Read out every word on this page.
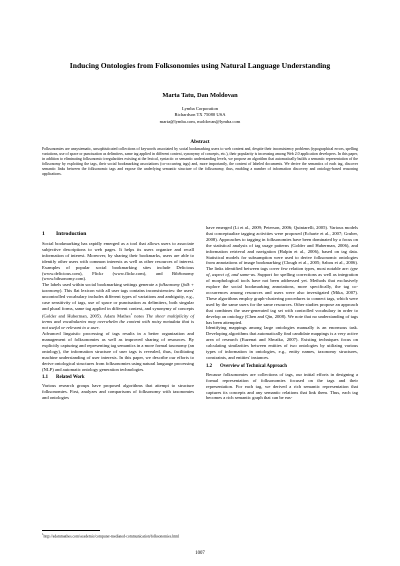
Inducing Ontologies from Folksonomies using Natural Language Understanding
Marta Tatu, Dan Moldovan
Lymba Corporation
Richardson TX 75080 USA
marta@lymba.com, moldovan@lymba.com
Abstract
Folksonomies are unsystematic, unsophisticated collections of keywords associated by social bookmarking users to web content and, despite their inconsistency problems (typographical errors, spelling variations, use of space or punctuation as delimiters, same tag applied in different context, synonymy of concepts, etc.), their popularity is increasing among Web 2.0 application developers. In this paper, in addition to eliminating folksonomic irregularities existing at the lexical, syntactic or semantic understanding levels, we propose an algorithm that automatically builds a semantic representation of the folksonomy by exploiting the tags, their social bookmarking associations (co-occurring tags) and, more importantly, the content of labeled documents. We derive the semantics of each tag, discover semantic links between the folksonomic tags and expose the underlying semantic structure of the folksonomy, thus, enabling a number of information discovery and ontology-based reasoning applications.
1 Introduction

Social bookmarking has rapidly emerged as a tool that allows users to associate subjective descriptions to web pages. It helps its users organize and recall information of interest. Moreover, by sharing their bookmarks, users are able to identify other users with common interests as well as other resources of interest. Examples of popular social bookmarking sites include Delicious (www.delicious.com), Flickr (www.flickr.com), and BibSonomy (www.bibsonomy.com).

The labels used within social bookmarking settings generate a folksonomy (folk + taxonomy). This flat lexicon with all user tags contains inconsistencies: the users' uncontrolled vocabulary includes different types of variations and ambiguity, e.g., case sensitivity of tags, use of space or punctuation as delimiters, both singular and plural forms, same tag applied in different context, and synonymy of concepts (Golder and Huberman, 2005). Adam Mathes$^1$ notes The sheer multiplicity of terms and vocabularies may overwhelm the content with noisy metadata that is not useful or relevant to a user.

Advanced linguistic processing of tags results in a better organization and management of folksonomies as well as improved sharing of resources. By explicitly capturing and representing tag semantics in a more formal taxonomy (an ontology), the information structure of user tags is revealed, thus, facilitating machine understanding of user interests. In this paper, we describe our efforts to derive ontological structures from folksonomies using natural language processing (NLP) and automatic ontology generation technologies.

1.1 Related Work

Various research groups have proposed algorithms that attempt to structure folksonomies. First, analyzes and comparisons of folksonomy with taxonomies and ontologies

have emerged (Li et al., 2009; Peterson, 2006; Quintarelli, 2005). Various models that conceptualize tagging activities were proposed (Echarte et al., 2007; Gruber, 2008). Approaches to tagging in folksonomies have been dominated by a focus on the statistical analysis of tag usage patterns (Golder and Huberman, 2006), and information retrieval and navigation (Halpin et al., 2006), based on tag data. Statistical models for subsumption were used to derive folksonomic ontologies from annotations of image bookmarking (Clough et al., 2005; Sabou et al., 2006). The links identified between tags cover few relation types, most notable are: type of, aspect of, and same-as. Support for spelling corrections as well as integration of morphological tools have not been addressed yet. Methods that exclusively explore the social bookmarking annotations, more specifically, the tag co-occurrences among resources and users were also investigated (Mika, 2007). These algorithms employ graph-clustering procedures to connect tags, which were used by the same users for the same resources. Other studies propose an approach that combines the user-generated tag set with controlled vocabulary in order to develop an ontology (Chen and Qin, 2008). We note that no understanding of tags has been attempted.

Identifying mappings among large ontologies manually is an enormous task. Developing algorithms that automatically find candidate mappings is a very active area of research (Euzenat and Shvaiko, 2007). Existing techniques focus on calculating similarities between entities of two ontologies by utilizing various types of information in ontologies, e.g., entity names, taxonomy structures, constraints, and entities' instances.

1.2 Overview of Technical Approach

Because folksonomies are collections of tags, our initial efforts in designing a formal representation of folksonomies focused on the tags and their representation. For each tag, we derived a rich semantic representation that captures its concepts and any semantic relations that link them. Thus, each tag becomes a rich semantic graph that can be eas-

$^1$http://adammathes.com/academic/computer-mediated-communication/folksonomies.html
1007
